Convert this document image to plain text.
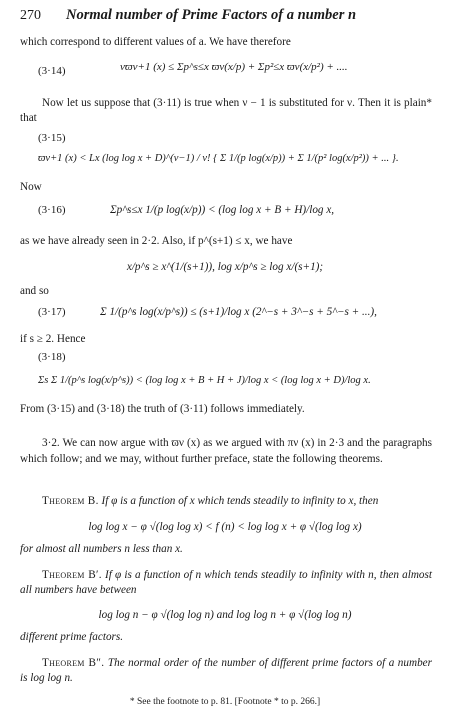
270 Normal number of Prime Factors of a number n
which correspond to different values of a. We have therefore
(3·14)	νϖν+1 (x) ≤ Σp^s≤x ϖν(x/p) + Σp²≤x ϖν(x/p²) + ....
Now let us suppose that (3·11) is true when ν − 1 is substituted for ν. Then it is plain* that
(3·15)
ϖν+1 (x) < Lx (log log x + D)^(ν−1) / ν! { Σ 1/(p log(x/p)) + Σ 1/(p² log(x/p²)) + ... }.
Now
(3·16)	Σp^s≤x 1/(p log(x/p)) < (log log x + B + H)/log x,
as we have already seen in 2·2. Also, if p^(s+1) ≤ x, we have
x/p^s ≥ x^(1/(s+1)), log x/p^s ≥ log x/(s+1);
and so
(3·17)	Σ 1/(p^s log(x/p^s)) ≤ (s+1)/log x (2^−s + 3^−s + 5^−s + ...),
if s ≥ 2. Hence
(3·18)
Σs Σ 1/(p^s log(x/p^s)) < (log log x + B + H + J)/log x < (log log x + D)/log x.
From (3·15) and (3·18) the truth of (3·11) follows immediately.
3·2. We can now argue with ϖν (x) as we argued with πν (x) in 2·3 and the paragraphs which follow; and we may, without further preface, state the following theorems.
Theorem B. If φ is a function of x which tends steadily to infinity to x, then
log log x − φ √(log log x) < f (n) < log log x + φ √(log log x)
for almost all numbers n less than x.
Theorem B′. If φ is a function of n which tends steadily to infinity with n, then almost all numbers have between
log log n − φ √(log log n) and log log n + φ √(log log n)
different prime factors.
Theorem B″. The normal order of the number of different prime factors of a number is log log n.
* See the footnote to p. 81. [Footnote * to p. 266.]
